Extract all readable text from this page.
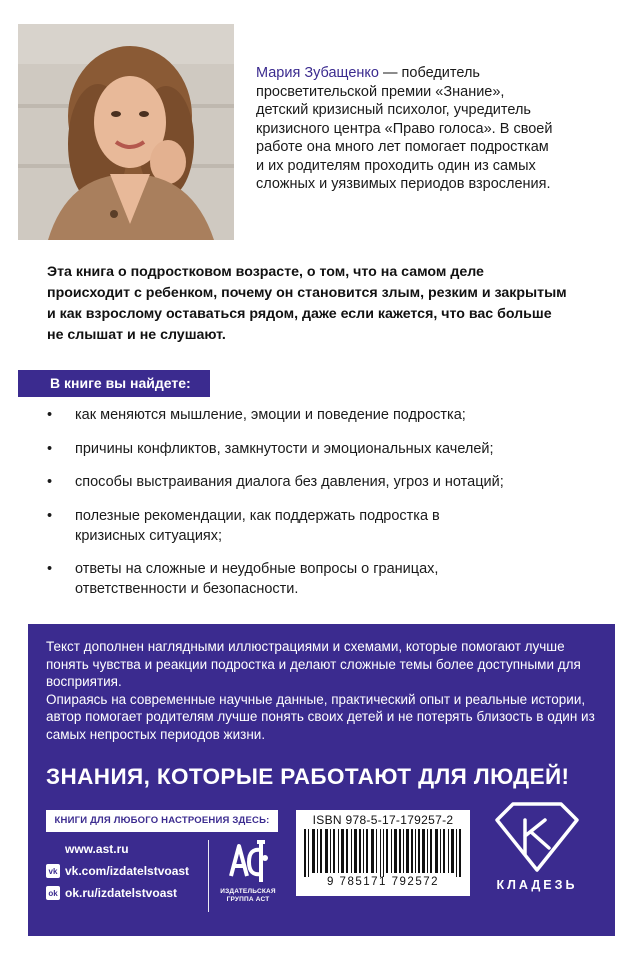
Мария Зубащенко — победитель просветительской премии «Знание», детский кризисный психолог, учредитель кризисного центра «Право голоса». В своей работе она много лет помогает подросткам и их родителям проходить один из самых сложных и уязвимых периодов взросления.

Эта книга о подростковом возрасте, о том, что на самом деле происходит с ребенком, почему он становится злым, резким и закрытым и как взрослому оставаться рядом, даже если кажется, что вас больше не слышат и не слушают.

В книге вы найдете:
• как меняются мышление, эмоции и поведение подростка;
• причины конфликтов, замкнутости и эмоциональных качелей;
• способы выстраивания диалога без давления, угроз и нотаций;
• полезные рекомендации, как поддержать подростка в кризисных ситуациях;
• ответы на сложные и неудобные вопросы о границах, ответственности и безопасности.

Текст дополнен наглядными иллюстрациями и схемами, которые помогают лучше понять чувства и реакции подростка и делают сложные темы более доступными для восприятия.

Опираясь на современные научные данные, практический опыт и реальные истории, автор помогает родителям лучше понять своих детей и не потерять близость в один из самых непростых периодов жизни.

ЗНАНИЯ, КОТОРЫЕ РАБОТАЮТ ДЛЯ ЛЮДЕЙ!
КНИГИ ДЛЯ ЛЮБОГО НАСТРОЕНИЯ ЗДЕСЬ:
www.ast.ru
vk vk.com/izdatelstvoast
ok ok.ru/izdatelstvoast	ИЗДАТЕЛЬСКАЯ ГРУППА АСТ
ISBN 978-5-17-179257-2
9 785171 792572	КЛАДЕЗЬ
